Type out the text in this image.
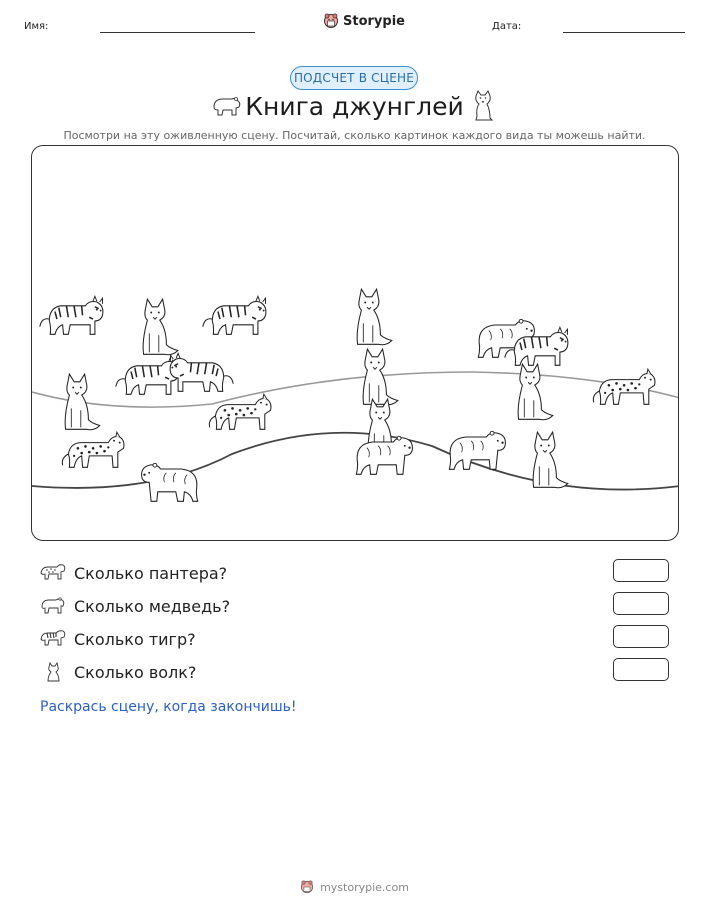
Имя:	Storypie	Дата:
ПОДСЧЕТ В СЦЕНЕ
Книга джунглей
Посмотри на эту оживленную сцену. Посчитай, сколько картинок каждого вида ты можешь найти.
Сколько пантера?
Сколько медведь?
Сколько тигр?
Сколько волк?
Раскрась сцену, когда закончишь!
mystorypie.com
